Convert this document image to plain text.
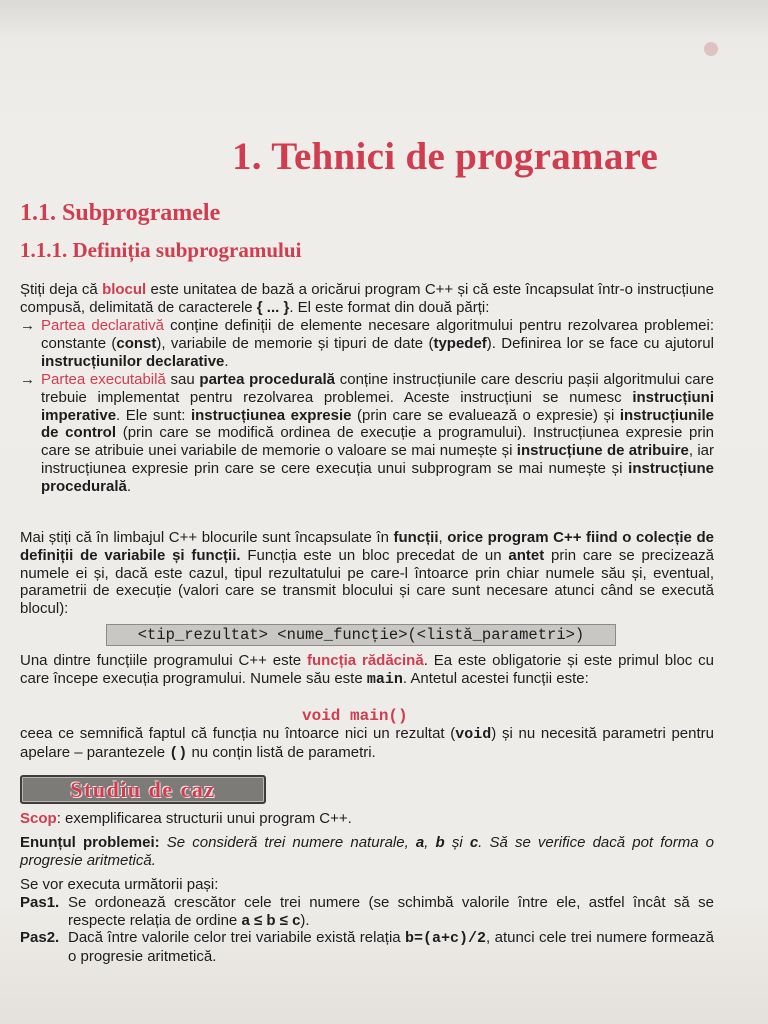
1. Tehnici de programare
1.1. Subprogramele
1.1.1. Definiția subprogramului
Știți deja că blocul este unitatea de bază a oricărui program C++ și că este încapsulat într-o instrucțiune compusă, delimitată de caracterele { ... }. El este format din două părți:
→ Partea declarativă conține definiții de elemente necesare algoritmului pentru rezolvarea problemei: constante (const), variabile de memorie și tipuri de date (typedef). Definirea lor se face cu ajutorul instrucțiunilor declarative.
→ Partea executabilă sau partea procedurală conține instrucțiunile care descriu pașii algoritmului care trebuie implementat pentru rezolvarea problemei. Aceste instrucțiuni se numesc instrucțiuni imperative. Ele sunt: instrucțiunea expresie (prin care se evaluează o expresie) și instrucțiunile de control (prin care se modifică ordinea de execuție a programului). Instrucțiunea expresie prin care se atribuie unei variabile de memorie o valoare se mai numește și instrucțiune de atribuire, iar instrucțiunea expresie prin care se cere execuția unui subprogram se mai numește și instrucțiune procedurală.
Mai știți că în limbajul C++ blocurile sunt încapsulate în funcții, orice program C++ fiind o colecție de definiții de variabile și funcții. Funcția este un bloc precedat de un antet prin care se precizează numele ei și, dacă este cazul, tipul rezultatului pe care-l întoarce prin chiar numele său și, eventual, parametrii de execuție (valori care se transmit blocului și care sunt necesare atunci când se execută blocul):
<tip_rezultat> <nume_funcție>(<listă_parametri>)
Una dintre funcțiile programului C++ este funcția rădăcină. Ea este obligatorie și este primul bloc cu care începe execuția programului. Numele său este main. Antetul acestei funcții este:
void main()
ceea ce semnifică faptul că funcția nu întoarce nici un rezultat (void) și nu necesită parametri pentru apelare – parantezele () nu conțin listă de parametri.
Studiu de caz
Scop: exemplificarea structurii unui program C++.
Enunțul problemei: Se consideră trei numere naturale, a, b și c. Să se verifice dacă pot forma o progresie aritmetică.
Se vor executa următorii pași:
Pas1. Se ordonează crescător cele trei numere (se schimbă valorile între ele, astfel încât să se respecte relația de ordine a ≤ b ≤ c).
Pas2. Dacă între valorile celor trei variabile există relația b=(a+c)/2, atunci cele trei numere formează o progresie aritmetică.
